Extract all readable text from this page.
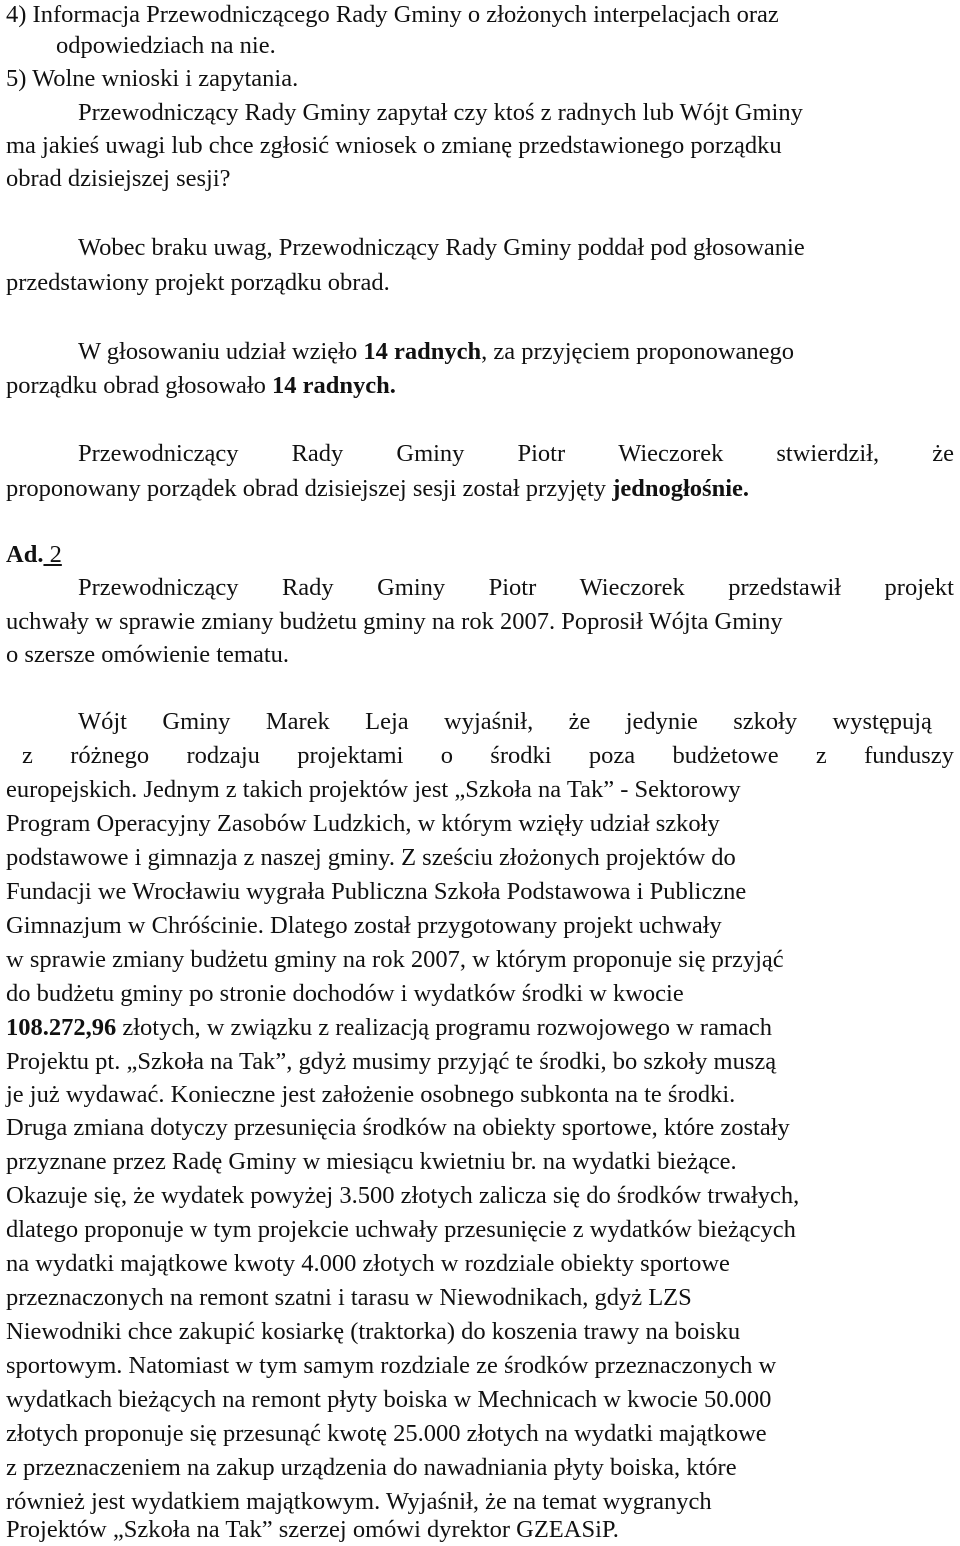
4) Informacja Przewodniczącego Rady Gminy o złożonych interpelacjach oraz
odpowiedziach na nie.
5) Wolne wnioski i zapytania.
Przewodniczący Rady Gminy zapytał czy ktoś z radnych lub Wójt Gminy
ma jakieś uwagi lub chce zgłosić wniosek o zmianę przedstawionego porządku
obrad dzisiejszej sesji?
Wobec braku uwag, Przewodniczący Rady Gminy poddał pod głosowanie
przedstawiony projekt porządku obrad.
W głosowaniu udział wzięło 14 radnych, za przyjęciem proponowanego
porządku obrad głosowało 14 radnych.
Przewodniczący Rady Gminy Piotr Wieczorek stwierdził, że
proponowany porządek obrad dzisiejszej sesji został przyjęty jednogłośnie.
Ad. 2
Przewodniczący Rady Gminy Piotr Wieczorek przedstawił projekt
uchwały w sprawie zmiany budżetu gminy na rok 2007. Poprosił Wójta Gminy
o szersze omówienie tematu.
Wójt Gminy Marek Leja wyjaśnił, że jedynie szkoły występują
z różnego rodzaju projektami o środki poza budżetowe z funduszy
europejskich. Jednym z takich projektów jest „Szkoła na Tak” - Sektorowy
Program Operacyjny Zasobów Ludzkich, w którym wzięły udział szkoły
podstawowe i gimnazja z naszej gminy. Z sześciu złożonych projektów do
Fundacji we Wrocławiu wygrała Publiczna Szkoła Podstawowa i Publiczne
Gimnazjum w Chróścinie. Dlatego został przygotowany projekt uchwały
w sprawie zmiany budżetu gminy na rok 2007, w którym proponuje się przyjąć
do budżetu gminy po stronie dochodów i wydatków środki w kwocie
108.272,96 złotych, w związku z realizacją programu rozwojowego w ramach
Projektu pt. „Szkoła na Tak”, gdyż musimy przyjąć te środki, bo szkoły muszą
je już wydawać. Konieczne jest założenie osobnego subkonta na te środki.
Druga zmiana dotyczy przesunięcia środków na obiekty sportowe, które zostały
przyznane przez Radę Gminy w miesiącu kwietniu br. na wydatki bieżące.
Okazuje się, że wydatek powyżej 3.500 złotych zalicza się do środków trwałych,
dlatego proponuje w tym projekcie uchwały przesunięcie z wydatków bieżących
na wydatki majątkowe kwoty 4.000 złotych w rozdziale obiekty sportowe
przeznaczonych na remont szatni i tarasu w Niewodnikach, gdyż LZS
Niewodniki chce zakupić kosiarkę (traktorka) do koszenia trawy na boisku
sportowym. Natomiast w tym samym rozdziale ze środków przeznaczonych w
wydatkach bieżących na remont płyty boiska w Mechnicach w kwocie 50.000
złotych proponuje się przesunąć kwotę 25.000 złotych na wydatki majątkowe
z przeznaczeniem na zakup urządzenia do nawadniania płyty boiska, które
również jest wydatkiem majątkowym. Wyjaśnił, że na temat wygranych
Projektów „Szkoła na Tak” szerzej omówi dyrektor GZEASiP.
